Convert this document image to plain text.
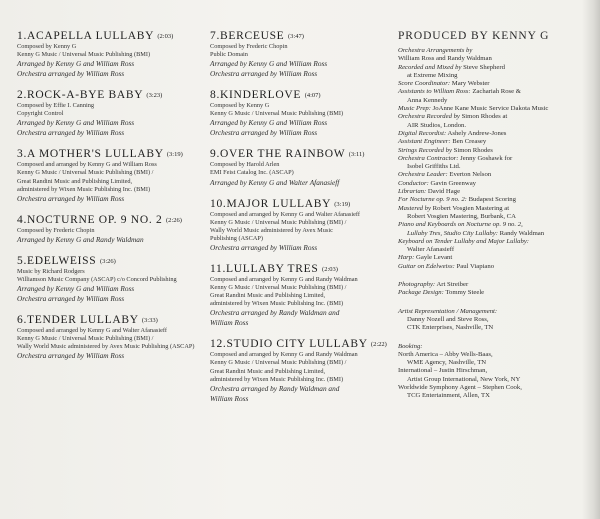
1.ACAPELLA LULLABY (2:03)
Composed by Kenny G
Kenny G Music / Universal Music Publishing (BMI)
Arranged by Kenny G and William Ross
Orchestra arranged by William Ross
2.ROCK-A-BYE BABY (3:23)
Composed by Effie I. Canning
Copyright Control
Arranged by Kenny G and William Ross
Orchestra arranged by William Ross
3.A MOTHER'S LULLABY (3:19)
Composed and arranged by Kenny G and William Ross
Kenny G Music / Universal Music Publishing (BMI) /
Great Randini Music and Publishing Limited,
administered by Wixen Music Publishing Inc. (BMI)
Orchestra arranged by William Ross
4.NOCTURNE OP. 9 NO. 2 (2:26)
Composed by Frederic Chopin
Arranged by Kenny G and Randy Waldman
5.EDELWEISS (3:26)
Music by Richard Rodgers
Williamson Music Company (ASCAP) c/o Concord Publishing
Arranged by Kenny G and William Ross
Orchestra arranged by William Ross
6.TENDER LULLABY (3:33)
Composed and arranged by Kenny G and Walter Afanasieff
Kenny G Music / Universal Music Publishing (BMI) /
Wally World Music administered by Avex Music Publishing (ASCAP)
Orchestra arranged by William Ross
7.BERCEUSE (3:47)
Composed by Frederic Chopin
Public Domain
Arranged by Kenny G and William Ross
Orchestra arranged by William Ross
8.KINDERLOVE (4:07)
Composed by Kenny G
Kenny G Music / Universal Music Publishing (BMI)
Arranged by Kenny G and William Ross
Orchestra arranged by William Ross
9.OVER THE RAINBOW (3:11)
Composed by Harold Arlen
EMI Feist Catalog Inc. (ASCAP)
Arranged by Kenny G and Walter Afanasieff
10.MAJOR LULLABY (3:19)
Composed and arranged by Kenny G and Walter Afanasieff
Kenny G Music / Universal Music Publishing (BMI) /
Wally World Music administered by Avex Music
Publishing (ASCAP)
Orchestra arranged by William Ross
11.LULLABY TRES (2:03)
Composed and arranged by Kenny G and Randy Waldman
Kenny G Music / Universal Music Publishing (BMI) /
Great Randini Music and Publishing Limited,
administered by Wixen Music Publishing Inc. (BMI)
Orchestra arranged by Randy Waldman and
William Ross
12.STUDIO CITY LULLABY (2:22)
Composed and arranged by Kenny G and Randy Waldman
Kenny G Music / Universal Music Publishing (BMI) /
Great Randini Music and Publishing Limited,
administered by Wixen Music Publishing Inc. (BMI)
Orchestra arranged by Randy Waldman and
William Ross
PRODUCED BY KENNY G
Orchestra Arrangements by
William Ross and Randy Waldman
Recorded and Mixed by Steve Shepherd
at Extreme Mixing
Score Coordinator: Mary Webster
Assistants to William Ross: Zachariah Rose &
Anna Kennedy
Music Prep: JoAnne Kane Music Service Dakota Music
Orchestra Recorded by Simon Rhodes at
AIR Studios, London.
Digital Recordist: Ashely Andrew-Jones
Assistant Engineer: Ben Creasey
Strings Recorded by Simon Rhodes
Orchestra Contractor: Jenny Goshawk for
Isobel Griffiths Ltd.
Orchestra Leader: Everton Nelson
Conductor: Gavin Greenway
Librarian: David Hage
For Nocturne op. 9 no. 2: Budapest Scoring
Mastered by Robert Vosgien Mastering at
Robert Vosgien Mastering, Burbank, CA
Piano and Keyboards on Nocturne op. 9 no. 2,
Lullaby Tres, Studio City Lullaby: Randy Waldman
Keyboard on Tender Lullaby and Major Lullaby:
Walter Afanasieff
Harp: Gayle Levant
Guitar on Edelweiss: Paul Viapiano
Photography: Art Streiber
Package Design: Tommy Steele
Artist Representation / Management:
Danny Nozell and Steve Ross,
CTK Enterprises, Nashville, TN
Booking:
North America – Abby Wells-Baas,
WME Agency, Nashville, TN
International – Justin Hirschman,
Artist Group International, New York, NY
Worldwide Symphony Agent – Stephen Cook,
TCG Entertainment, Allen, TX
